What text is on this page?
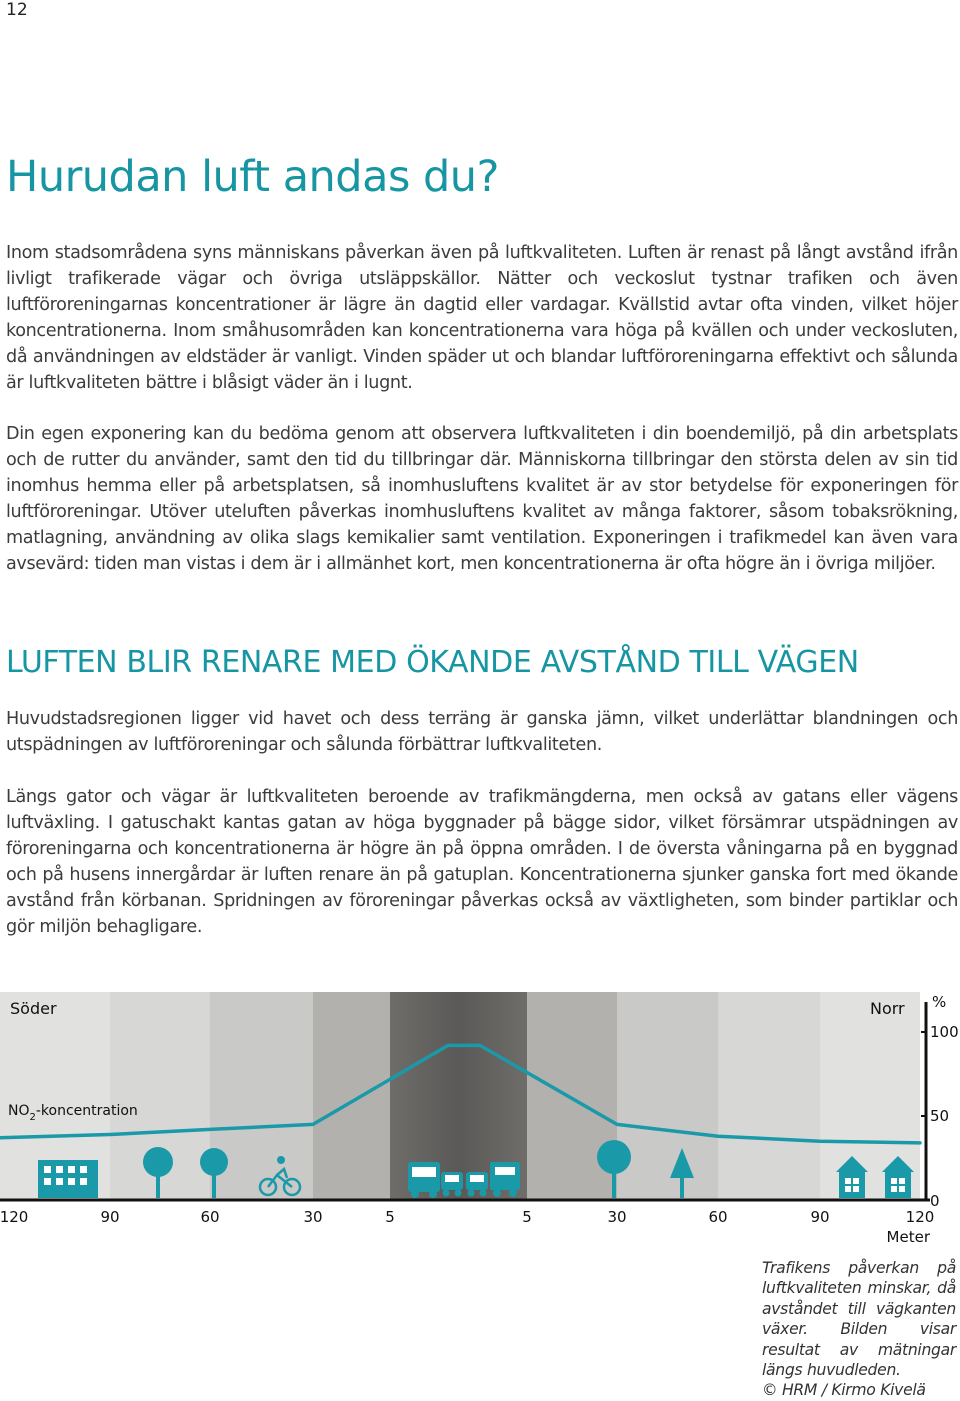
12
Hurudan luft andas du?

Inom stadsområdena syns människans påverkan även på luftkvaliteten. Luften är renast på långt avstånd ifrån livligt trafikerade vägar och övriga utsläppskällor. Nätter och veckoslut tystnar trafiken och även luftföroreningarnas koncentrationer är lägre än dagtid eller vardagar. Kvällstid avtar ofta vinden, vilket höjer koncentrationerna. Inom småhusområden kan koncentrationerna vara höga på kvällen och under veckosluten, då användningen av eldstäder är vanligt. Vinden späder ut och blandar luftföroreningarna effektivt och sålunda är luftkvaliteten bättre i blåsigt väder än i lugnt.

Din egen exponering kan du bedöma genom att observera luftkvaliteten i din boendemiljö, på din arbetsplats och de rutter du använder, samt den tid du tillbringar där. Människorna tillbringar den största delen av sin tid inomhus hemma eller på arbetsplatsen, så inomhusluftens kvalitet är av stor betydelse för exponeringen för luftföroreningar. Utöver uteluften påverkas inomhusluftens kvalitet av många faktorer, såsom tobaksrökning, matlagning, användning av olika slags kemikalier samt ventilation. Exponeringen i trafikmedel kan även vara avsevärd: tiden man vistas i dem är i allmänhet kort, men koncentrationerna är ofta högre än i övriga miljöer.

LUFTEN BLIR RENARE MED ÖKANDE AVSTÅND TILL VÄGEN

Huvudstadsregionen ligger vid havet och dess terräng är ganska jämn, vilket underlättar blandningen och utspädningen av luftföroreningar och sålunda förbättrar luftkvaliteten.

Längs gator och vägar är luftkvaliteten beroende av trafikmängderna, men också av gatans eller vägens luftväxling. I gatuschakt kantas gatan av höga byggnader på bägge sidor, vilket försämrar utspädningen av föroreningarna och koncentrationerna är högre än på öppna områden. I de översta våningarna på en byggnad och på husens innergårdar är luften renare än på gatuplan. Koncentrationerna sjunker ganska fort med ökande avstånd från körbanan. Spridningen av föroreningar påverkas också av växtligheten, som binder partiklar och gör miljön behagligare.

Söder	Norr
$NO_2$-koncentration
%
100
50
0
120	90	60	30	5	5	30	60	90	120
Meter

Trafikens påverkan på luftkvaliteten minskar, då avståndet till vägkanten växer. Bilden visar resultat av mätningar längs huvudleden.
© HRM / Kirmo Kivelä
